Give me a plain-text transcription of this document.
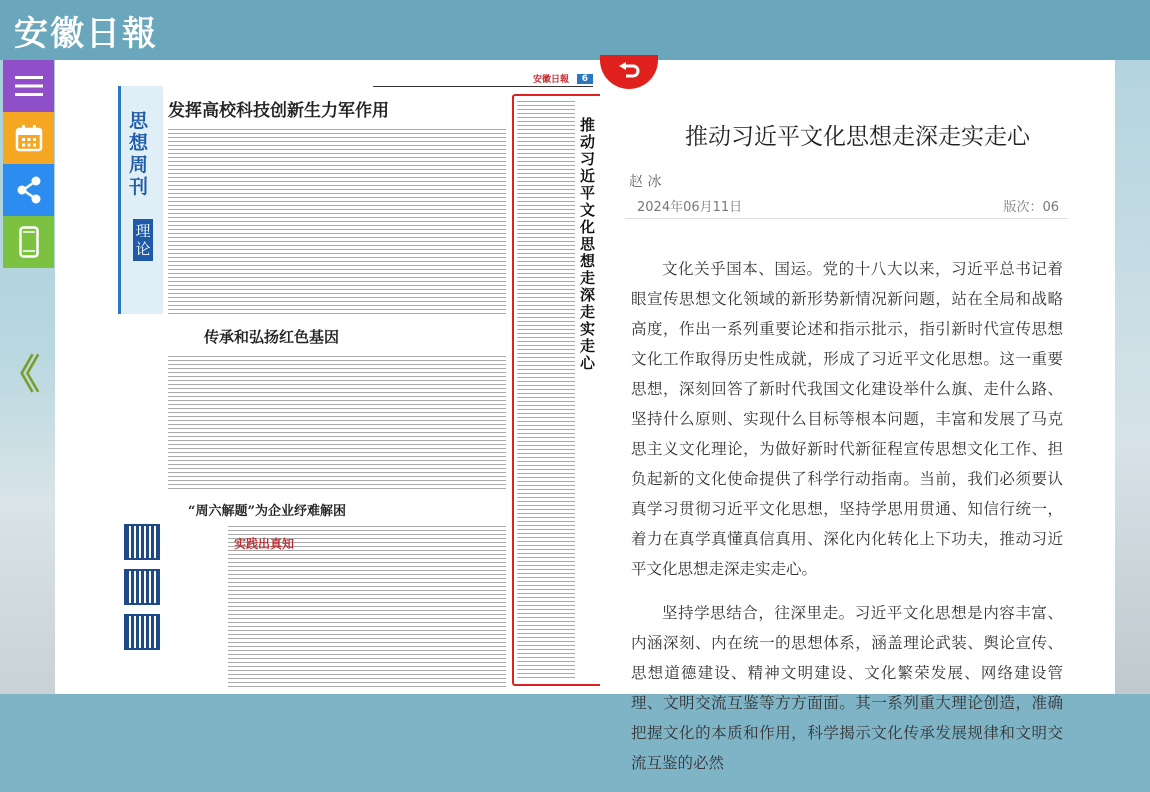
安徽日報
《
安徽日報	6
思想周刊
理论
发挥高校科技创新生力军作用
传承和弘扬红色基因
“周六解题”为企业纾难解困
实践出真知
推动习近平文化思想走深走实走心
推动习近平文化思想走深走实走心
赵 冰
2024年06月11日	版次：06

文化关乎国本、国运。党的十八大以来，习近平总书记着眼宣传思想文化领域的新形势新情况新问题，站在全局和战略高度，作出一系列重要论述和指示批示，指引新时代宣传思想文化工作取得历史性成就，形成了习近平文化思想。这一重要思想，深刻回答了新时代我国文化建设举什么旗、走什么路、坚持什么原则、实现什么目标等根本问题，丰富和发展了马克思主义文化理论，为做好新时代新征程宣传思想文化工作、担负起新的文化使命提供了科学行动指南。当前，我们必须要认真学习贯彻习近平文化思想，坚持学思用贯通、知信行统一，着力在真学真懂真信真用、深化内化转化上下功夫，推动习近平文化思想走深走实走心。

坚持学思结合，往深里走。习近平文化思想是内容丰富、内涵深刻、内在统一的思想体系，涵盖理论武装、舆论宣传、思想道德建设、精神文明建设、文化繁荣发展、网络建设管理、文明交流互鉴等方方面面。其一系列重大理论创造，准确把握文化的本质和作用，科学揭示文化传承发展规律和文明交流互鉴的必然
